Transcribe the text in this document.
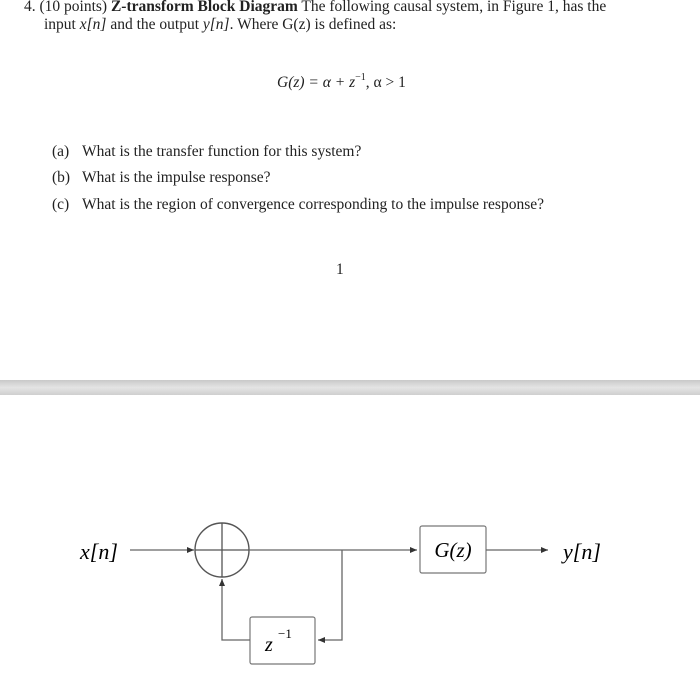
4. (10 points) Z-transform Block Diagram The following causal system, in Figure 1, has the
input x[n] and the output y[n]. Where G(z) is defined as:
$G(z) = \alpha + z^{-1}$, α > 1
(a) What is the transfer function for this system?
(b) What is the impulse response?
(c) What is the region of convergence corresponding to the impulse response?
1
x[n]	G(z)	y[n]
z
−1
